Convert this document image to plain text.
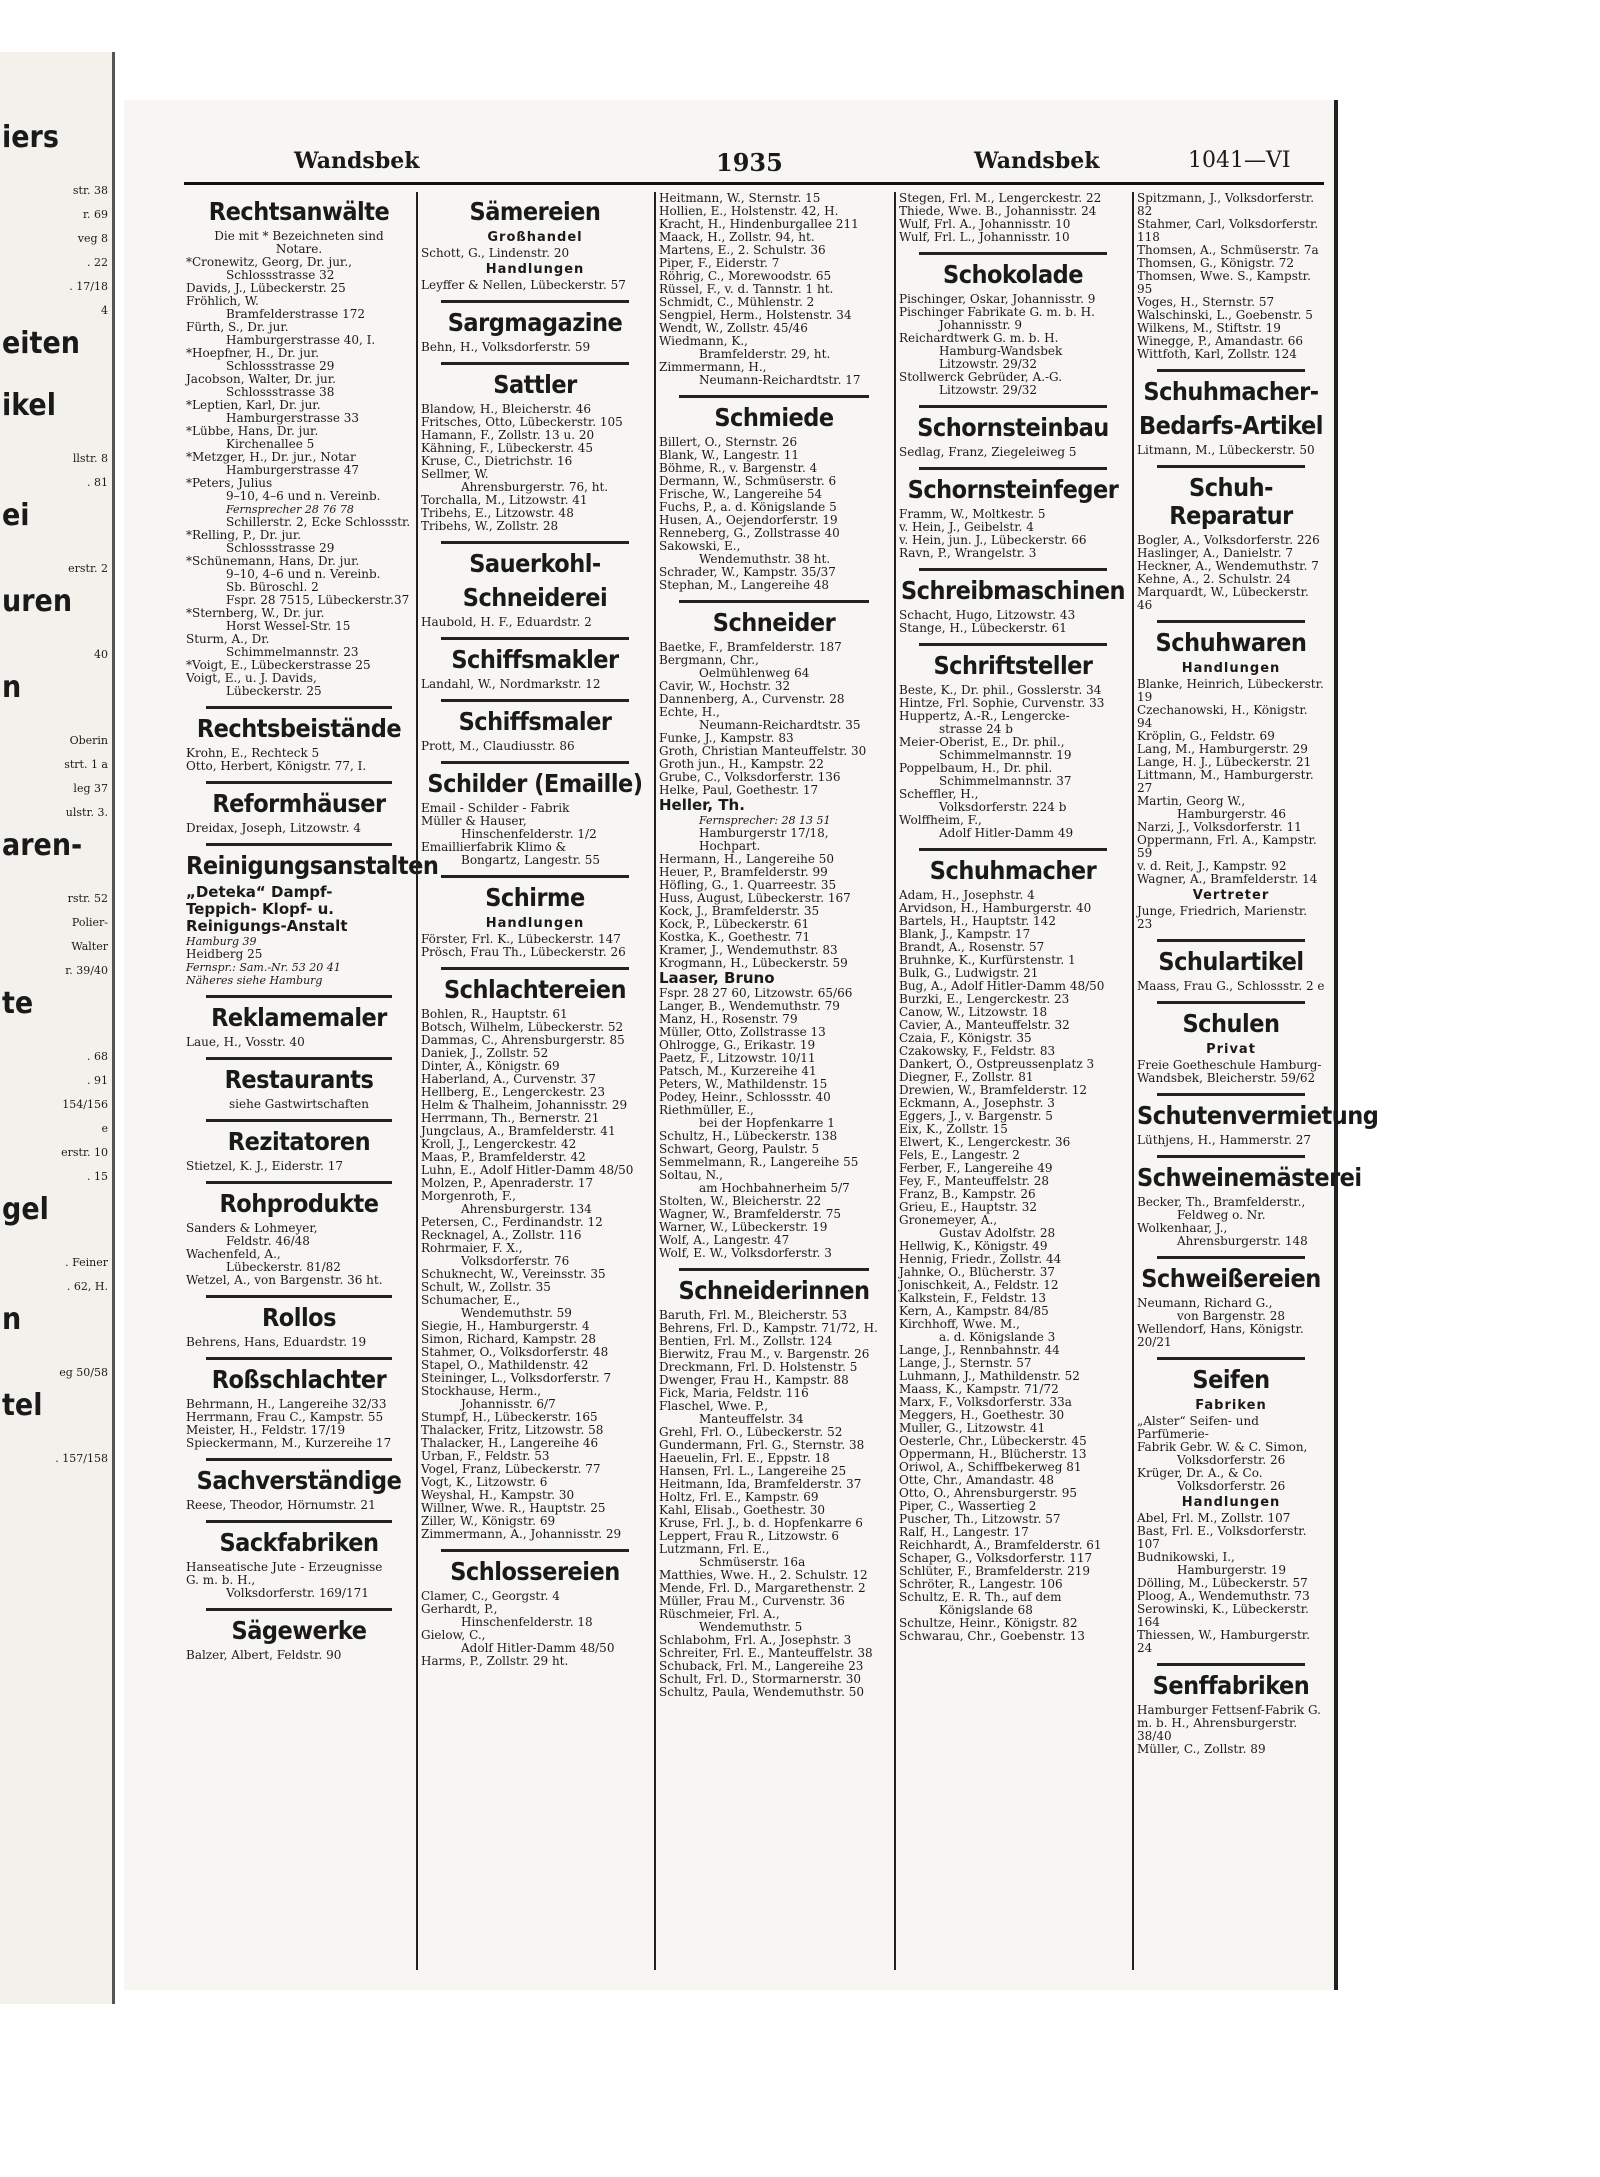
iers
str. 38
r. 69
veg 8
. 22
. 17/18
4
eiten
ikel
llstr. 8
. 81
ei
erstr. 2
uren
40
n
Oberin
strt. 1 a
leg 37
ulstr. 3.
aren-
rstr. 52
Polier-
Walter
r. 39/40
te
. 68
. 91
154/156
e
erstr. 10
. 15
gel
. Feiner
. 62, H.
n
eg 50/58
tel
. 157/158
Wandsbek	1935	Wandsbek	1041—VI
Rechtsanwälte
Die mit * Bezeichneten sind
Notare.
*Cronewitz, Georg, Dr. jur.,
Schlossstrasse 32
Davids, J., Lübeckerstr. 25
Fröhlich, W.
Bramfelderstrasse 172
Fürth, S., Dr. jur.
Hamburgerstrasse 40, I.
*Hoepfner, H., Dr. jur.
Schlossstrasse 29
Jacobson, Walter, Dr. jur.
Schlossstrasse 38
*Leptien, Karl, Dr. jur.
Hamburgerstrasse 33
*Lübbe, Hans, Dr. jur.
Kirchenallee 5
*Metzger, H., Dr. jur., Notar
Hamburgerstrasse 47
*Peters, Julius
9–10, 4–6 und n. Vereinb.
Fernsprecher 28 76 78
Schillerstr. 2, Ecke Schlossstr.
*Relling, P., Dr. jur.
Schlossstrasse 29
*Schünemann, Hans, Dr. jur.
9–10, 4–6 und n. Vereinb.
Sb. Büroschl. 2
Fspr. 28 7515, Lübeckerstr.37
*Sternberg, W., Dr. jur.
Horst Wessel-Str. 15
Sturm, A., Dr.
Schimmelmannstr. 23
*Voigt, E., Lübeckerstrasse 25
Voigt, E., u. J. Davids,
Lübeckerstr. 25
Rechtsbeistände
Krohn, E., Rechteck 5
Otto, Herbert, Königstr. 77, I.
Reformhäuser
Dreidax, Joseph, Litzowstr. 4
Reinigungsanstalten
„Deteka“ Dampf-
Teppich- Klopf- u.
Reinigungs-Anstalt
Hamburg 39
Heidberg 25
Fernspr.: Sam.-Nr. 53 20 41
Näheres siehe Hamburg
Reklamemaler
Laue, H., Vosstr. 40
Restaurants
siehe Gastwirtschaften
Rezitatoren
Stietzel, K. J., Eiderstr. 17
Rohprodukte
Sanders & Lohmeyer,
Feldstr. 46/48
Wachenfeld, A.,
Lübeckerstr. 81/82
Wetzel, A., von Bargenstr. 36 ht.
Rollos
Behrens, Hans, Eduardstr. 19
Roßschlachter
Behrmann, H., Langereihe 32/33
Herrmann, Frau C., Kampstr. 55
Meister, H., Feldstr. 17/19
Spieckermann, M., Kurzereihe 17
Sachverständige
Reese, Theodor, Hörnumstr. 21
Sackfabriken
Hanseatische Jute - Erzeugnisse
G. m. b. H.,
Volksdorferstr. 169/171
Sägewerke
Balzer, Albert, Feldstr. 90
Sämereien
Großhandel
Schott, G., Lindenstr. 20
Handlungen
Leyffer & Nellen, Lübeckerstr. 57
Sargmagazine
Behn, H., Volksdorferstr. 59
Sattler
Blandow, H., Bleicherstr. 46
Fritsches, Otto, Lübeckerstr. 105
Hamann, F., Zollstr. 13 u. 20
Kähning, F., Lübeckerstr. 45
Kruse, C., Dietrichstr. 16
Sellmer, W.
Ahrensburgerstr. 76, ht.
Torchalla, M., Litzowstr. 41
Tribehs, E., Litzowstr. 48
Tribehs, W., Zollstr. 28
Sauerkohl-
Schneiderei
Haubold, H. F., Eduardstr. 2
Schiffsmakler
Landahl, W., Nordmarkstr. 12
Schiffsmaler
Prott, M., Claudiusstr. 86
Schilder (Emaille)
Email - Schilder - Fabrik
Müller & Hauser,
Hinschenfelderstr. 1/2
Emaillierfabrik Klimo &
Bongartz, Langestr. 55
Schirme
Handlungen
Förster, Frl. K., Lübeckerstr. 147
Prösch, Frau Th., Lübeckerstr. 26
Schlachtereien
Bohlen, R., Hauptstr. 61
Botsch, Wilhelm, Lübeckerstr. 52
Dammas, C., Ahrensburgerstr. 85
Daniek, J., Zollstr. 52
Dinter, A., Königstr. 69
Haberland, A., Curvenstr. 37
Hellberg, E., Lengerckestr. 23
Helm & Thalheim, Johannisstr. 29
Herrmann, Th., Bernerstr. 21
Jungclaus, A., Bramfelderstr. 41
Kroll, J., Lengerckestr. 42
Maas, P., Bramfelderstr. 42
Luhn, E., Adolf Hitler-Damm 48/50
Molzen, P., Apenraderstr. 17
Morgenroth, F.,
Ahrensburgerstr. 134
Petersen, C., Ferdinandstr. 12
Recknagel, A., Zollstr. 116
Rohrmaier, F. X.,
Volksdorferstr. 76
Schuknecht, W., Vereinsstr. 35
Schult, W., Zollstr. 35
Schumacher, E.,
Wendemuthstr. 59
Siegie, H., Hamburgerstr. 4
Simon, Richard, Kampstr. 28
Stahmer, O., Volksdorferstr. 48
Stapel, O., Mathildenstr. 42
Steininger, L., Volksdorferstr. 7
Stockhause, Herm.,
Johannisstr. 6/7
Stumpf, H., Lübeckerstr. 165
Thalacker, Fritz, Litzowstr. 58
Thalacker, H., Langereihe 46
Urban, F., Feldstr. 53
Vogel, Franz, Lübeckerstr. 77
Vogt, K., Litzowstr. 6
Weyshal, H., Kampstr. 30
Willner, Wwe. R., Hauptstr. 25
Ziller, W., Königstr. 69
Zimmermann, A., Johannisstr. 29
Schlossereien
Clamer, C., Georgstr. 4
Gerhardt, P.,
Hinschenfelderstr. 18
Gielow, C.,
Adolf Hitler-Damm 48/50
Harms, P., Zollstr. 29 ht.
Heitmann, W., Sternstr. 15
Hollien, E., Holstenstr. 42, H.
Kracht, H., Hindenburgallee 211
Maack, H., Zollstr. 94, ht.
Martens, E., 2. Schulstr. 36
Piper, F., Eiderstr. 7
Röhrig, C., Morewoodstr. 65
Rüssel, F., v. d. Tannstr. 1 ht.
Schmidt, C., Mühlenstr. 2
Sengpiel, Herm., Holstenstr. 34
Wendt, W., Zollstr. 45/46
Wiedmann, K.,
Bramfelderstr. 29, ht.
Zimmermann, H.,
Neumann-Reichardtstr. 17
Schmiede
Billert, O., Sternstr. 26
Blank, W., Langestr. 11
Böhme, R., v. Bargenstr. 4
Dermann, W., Schmüserstr. 6
Frische, W., Langereihe 54
Fuchs, P., a. d. Königslande 5
Husen, A., Oejendorferstr. 19
Renneberg, G., Zollstrasse 40
Sakowski, E.,
Wendemuthstr. 38 ht.
Schrader, W., Kampstr. 35/37
Stephan, M., Langereihe 48
Schneider
Baetke, F., Bramfelderstr. 187
Bergmann, Chr.,
Oelmühlenweg 64
Cavir, W., Hochstr. 32
Dannenberg, A., Curvenstr. 28
Echte, H.,
Neumann-Reichardtstr. 35
Funke, J., Kampstr. 83
Groth, Christian Manteuffelstr. 30
Groth jun., H., Kampstr. 22
Grube, C., Volksdorferstr. 136
Helke, Paul, Goethestr. 17
Heller, Th.
Fernsprecher: 28 13 51
Hamburgerstr 17/18, Hochpart.
Hermann, H., Langereihe 50
Heuer, P., Bramfelderstr. 99
Höfling, G., 1. Quarreestr. 35
Huss, August, Lübeckerstr. 167
Kock, J., Bramfelderstr. 35
Kock, P., Lübeckerstr. 61
Kostka, K., Goethestr. 71
Kramer, J., Wendemuthstr. 83
Krogmann, H., Lübeckerstr. 59
Laaser, Bruno
Fspr. 28 27 60, Litzowstr. 65/66
Langer, B., Wendemuthstr. 79
Manz, H., Rosenstr. 79
Müller, Otto, Zollstrasse 13
Ohlrogge, G., Erikastr. 19
Paetz, F., Litzowstr. 10/11
Patsch, M., Kurzereihe 41
Peters, W., Mathildenstr. 15
Podey, Heinr., Schlossstr. 40
Riethmüller, E.,
bei der Hopfenkarre 1
Schultz, H., Lübeckerstr. 138
Schwart, Georg, Paulstr. 5
Semmelmann, R., Langereihe 55
Soltau, N.,
am Hochbahnerheim 5/7
Stolten, W., Bleicherstr. 22
Wagner, W., Bramfelderstr. 75
Warner, W., Lübeckerstr. 19
Wolf, A., Langestr. 47
Wolf, E. W., Volksdorferstr. 3
Schneiderinnen
Baruth, Frl. M., Bleicherstr. 53
Behrens, Frl. D., Kampstr. 71/72, H.
Bentien, Frl. M., Zollstr. 124
Bierwitz, Frau M., v. Bargenstr. 26
Dreckmann, Frl. D. Holstenstr. 5
Dwenger, Frau H., Kampstr. 88
Fick, Maria, Feldstr. 116
Flaschel, Wwe. P.,
Manteuffelstr. 34
Grehl, Frl. O., Lübeckerstr. 52
Gundermann, Frl. G., Sternstr. 38
Haeuelin, Frl. E., Eppstr. 18
Hansen, Frl. L., Langereihe 25
Heitmann, Ida, Bramfelderstr. 37
Holtz, Frl. E., Kampstr. 69
Kahl, Elisab., Goethestr. 30
Kruse, Frl. J., b. d. Hopfenkarre 6
Leppert, Frau R., Litzowstr. 6
Lutzmann, Frl. E.,
Schmüserstr. 16a
Matthies, Wwe. H., 2. Schulstr. 12
Mende, Frl. D., Margarethenstr. 2
Müller, Frau M., Curvenstr. 36
Rüschmeier, Frl. A.,
Wendemuthstr. 5
Schlabohm, Frl. A., Josephstr. 3
Schreiter, Frl. E., Manteuffelstr. 38
Schuback, Frl. M., Langereihe 23
Schult, Frl. D., Stormarnerstr. 30
Schultz, Paula, Wendemuthstr. 50
Stegen, Frl. M., Lengerckestr. 22
Thiede, Wwe. B., Johannisstr. 24
Wulf, Frl. A., Johannisstr. 10
Wulf, Frl. L., Johannisstr. 10
Schokolade
Pischinger, Oskar, Johannisstr. 9
Pischinger Fabrikate G. m. b. H.
Johannisstr. 9
Reichardtwerk G. m. b. H.
Hamburg-Wandsbek
Litzowstr. 29/32
Stollwerck Gebrüder, A.-G.
Litzowstr. 29/32
Schornsteinbau
Sedlag, Franz, Ziegeleiweg 5
Schornsteinfeger
Framm, W., Moltkestr. 5
v. Hein, J., Geibelstr. 4
v. Hein, jun. J., Lübeckerstr. 66
Ravn, P., Wrangelstr. 3
Schreibmaschinen
Schacht, Hugo, Litzowstr. 43
Stange, H., Lübeckerstr. 61
Schriftsteller
Beste, K., Dr. phil., Gosslerstr. 34
Hintze, Frl. Sophie, Curvenstr. 33
Huppertz, A.-R., Lengercke-
strasse 24 b
Meier-Oberist, E., Dr. phil.,
Schimmelmannstr. 19
Poppelbaum, H., Dr. phil.
Schimmelmannstr. 37
Scheffler, H.,
Volksdorferstr. 224 b
Wolffheim, F.,
Adolf Hitler-Damm 49
Schuhmacher
Adam, H., Josephstr. 4
Arvidson, H., Hamburgerstr. 40
Bartels, H., Hauptstr. 142
Blank, J., Kampstr. 17
Brandt, A., Rosenstr. 57
Bruhnke, K., Kurfürstenstr. 1
Bulk, G., Ludwigstr. 21
Bug, A., Adolf Hitler-Damm 48/50
Burzki, E., Lengerckestr. 23
Canow, W., Litzowstr. 18
Cavier, A., Manteuffelstr. 32
Czaia, F., Königstr. 35
Czakowsky, F., Feldstr. 83
Dankert, O., Ostpreussenplatz 3
Diegner, F., Zollstr. 81
Drewien, W., Bramfelderstr. 12
Eckmann, A., Josephstr. 3
Eggers, J., v. Bargenstr. 5
Eix, K., Zollstr. 15
Elwert, K., Lengerckestr. 36
Fels, E., Langestr. 2
Ferber, F., Langereihe 49
Fey, F., Manteuffelstr. 28
Franz, B., Kampstr. 26
Grieu, E., Hauptstr. 32
Gronemeyer, A.,
Gustav Adolfstr. 28
Hellwig, K., Königstr. 49
Hennig, Friedr., Zollstr. 44
Jahnke, O., Blücherstr. 37
Jonischkeit, A., Feldstr. 12
Kalkstein, F., Feldstr. 13
Kern, A., Kampstr. 84/85
Kirchhoff, Wwe. M.,
a. d. Königslande 3
Lange, J., Rennbahnstr. 44
Lange, J., Sternstr. 57
Luhmann, J., Mathildenstr. 52
Maass, K., Kampstr. 71/72
Marx, F., Volksdorferstr. 33a
Meggers, H., Goethestr. 30
Muller, G., Litzowstr. 41
Oesterle, Chr., Lübeckerstr. 45
Oppermann, H., Blücherstr. 13
Oriwol, A., Schiffbekerweg 81
Otte, Chr., Amandastr. 48
Otto, O., Ahrensburgerstr. 95
Piper, C., Wassertieg 2
Puscher, Th., Litzowstr. 57
Ralf, H., Langestr. 17
Reichhardt, A., Bramfelderstr. 61
Schaper, G., Volksdorferstr. 117
Schlüter, F., Bramfelderstr. 219
Schröter, R., Langestr. 106
Schultz, E. R. Th., auf dem
Königslande 68
Schultze, Heinr., Königstr. 82
Schwarau, Chr., Goebenstr. 13
Spitzmann, J., Volksdorferstr. 82
Stahmer, Carl, Volksdorferstr. 118
Thomsen, A., Schmüserstr. 7a
Thomsen, G., Königstr. 72
Thomsen, Wwe. S., Kampstr. 95
Voges, H., Sternstr. 57
Walschinski, L., Goebenstr. 5
Wilkens, M., Stiftstr. 19
Winegge, P., Amandastr. 66
Wittfoth, Karl, Zollstr. 124
Schuhmacher-
Bedarfs-Artikel
Litmann, M., Lübeckerstr. 50
Schuh-Reparatur
Bogler, A., Volksdorferstr. 226
Haslinger, A., Danielstr. 7
Heckner, A., Wendemuthstr. 7
Kehne, A., 2. Schulstr. 24
Marquardt, W., Lübeckerstr. 46
Schuhwaren
Handlungen
Blanke, Heinrich, Lübeckerstr. 19
Czechanowski, H., Königstr. 94
Kröplin, G., Feldstr. 69
Lang, M., Hamburgerstr. 29
Lange, H. J., Lübeckerstr. 21
Littmann, M., Hamburgerstr. 27
Martin, Georg W.,
Hamburgerstr. 46
Narzi, J., Volksdorferstr. 11
Oppermann, Frl. A., Kampstr. 59
v. d. Reit, J., Kampstr. 92
Wagner, A., Bramfelderstr. 14
Vertreter
Junge, Friedrich, Marienstr. 23
Schulartikel
Maass, Frau G., Schlossstr. 2 e
Schulen
Privat
Freie Goetheschule Hamburg-
Wandsbek, Bleicherstr. 59/62
Schutenvermietung
Lüthjens, H., Hammerstr. 27
Schweinemästerei
Becker, Th., Bramfelderstr.,
Feldweg o. Nr.
Wolkenhaar, J.,
Ahrensburgerstr. 148
Schweißereien
Neumann, Richard G.,
von Bargenstr. 28
Wellendorf, Hans, Königstr. 20/21
Seifen
Fabriken
„Alster“ Seifen- und Parfümerie-
Fabrik Gebr. W. & C. Simon,
Volksdorferstr. 26
Krüger, Dr. A., & Co.
Volksdorferstr. 26
Handlungen
Abel, Frl. M., Zollstr. 107
Bast, Frl. E., Volksdorferstr. 107
Budnikowski, I.,
Hamburgerstr. 19
Dölling, M., Lübeckerstr. 57
Ploog, A., Wendemuthstr. 73
Serowinski, K., Lübeckerstr. 164
Thiessen, W., Hamburgerstr. 24
Senffabriken
Hamburger Fettsenf-Fabrik G.
m. b. H., Ahrensburgerstr. 38/40
Müller, C., Zollstr. 89
